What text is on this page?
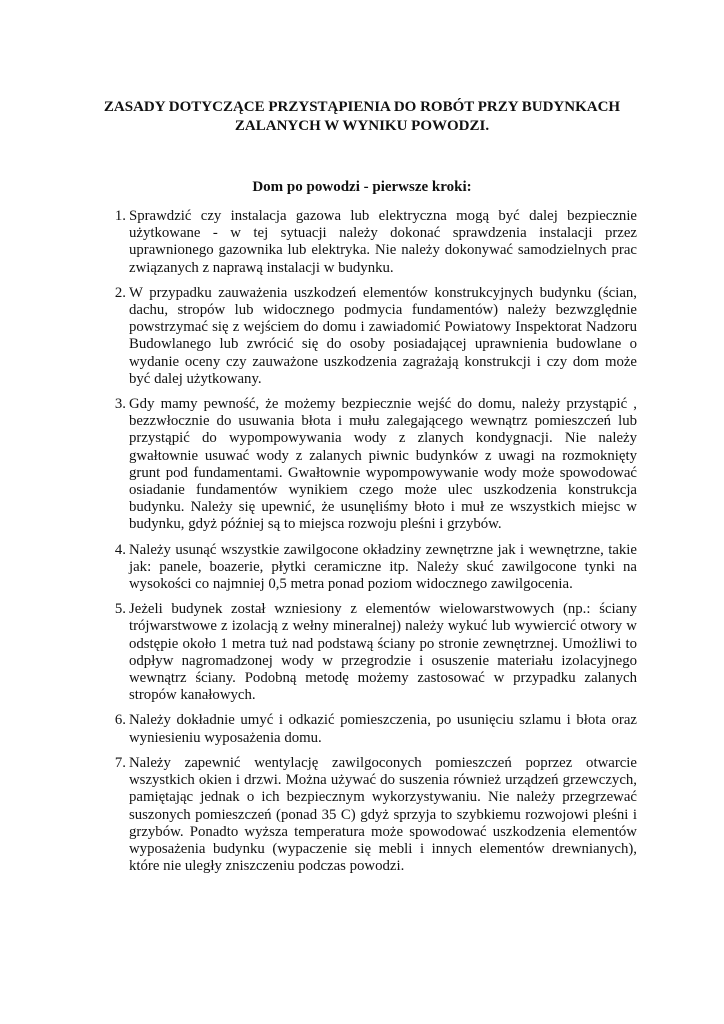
ZASADY DOTYCZĄCE PRZYSTĄPIENIA DO ROBÓT PRZY BUDYNKACH
ZALANYCH W WYNIKU POWODZI.
Dom po powodzi - pierwsze kroki:
1. Sprawdzić czy instalacja gazowa lub elektryczna mogą być dalej bezpiecznie użytkowane - w tej sytuacji należy dokonać sprawdzenia instalacji przez uprawnionego gazownika lub elektryka. Nie należy dokonywać samodzielnych prac związanych z naprawą instalacji w budynku.
2. W przypadku zauważenia uszkodzeń elementów konstrukcyjnych budynku (ścian, dachu, stropów lub widocznego podmycia fundamentów) należy bezwzględnie powstrzymać się z wejściem do domu i zawiadomić Powiatowy Inspektorat Nadzoru Budowlanego lub zwrócić się do osoby posiadającej uprawnienia budowlane o wydanie oceny czy zauważone uszkodzenia zagrażają konstrukcji i czy dom może być dalej użytkowany.
3. Gdy mamy pewność, że możemy bezpiecznie wejść do domu, należy przystąpić , bezzwłocznie do usuwania błota i mułu zalegającego wewnątrz pomieszczeń lub przystąpić do wypompowywania wody z zlanych kondygnacji. Nie należy gwałtownie usuwać wody z zalanych piwnic budynków z uwagi na rozmoknięty grunt pod fundamentami. Gwałtownie wypompowywanie wody może spowodować osiadanie fundamentów wynikiem czego może ulec uszkodzenia konstrukcja budynku. Należy się upewnić, że usunęliśmy błoto i muł ze wszystkich miejsc w budynku, gdyż później są to miejsca rozwoju pleśni i grzybów.
4. Należy usunąć wszystkie zawilgocone okładziny zewnętrzne jak i wewnętrzne, takie jak: panele, boazerie, płytki ceramiczne itp. Należy skuć zawilgocone tynki na wysokości co najmniej 0,5 metra ponad poziom widocznego zawilgocenia.
5. Jeżeli budynek został wzniesiony z elementów wielowarstwowych (np.: ściany trójwarstwowe z izolacją z wełny mineralnej) należy wykuć lub wywiercić otwory w odstępie około 1 metra tuż nad podstawą ściany po stronie zewnętrznej. Umożliwi to odpływ nagromadzonej wody w przegrodzie i osuszenie materiału izolacyjnego wewnątrz ściany. Podobną metodę możemy zastosować w przypadku zalanych stropów kanałowych.
6. Należy dokładnie umyć i odkazić pomieszczenia, po usunięciu szlamu i błota oraz wyniesieniu wyposażenia domu.
7. Należy zapewnić wentylację zawilgoconych pomieszczeń poprzez otwarcie wszystkich okien i drzwi. Można używać do suszenia również urządzeń grzewczych, pamiętając jednak o ich bezpiecznym wykorzystywaniu. Nie należy przegrzewać suszonych pomieszczeń (ponad 35 C) gdyż sprzyja to szybkiemu rozwojowi pleśni i grzybów. Ponadto wyższa temperatura może spowodować uszkodzenia elementów wyposażenia budynku (wypaczenie się mebli i innych elementów drewnianych), które nie uległy zniszczeniu podczas powodzi.
